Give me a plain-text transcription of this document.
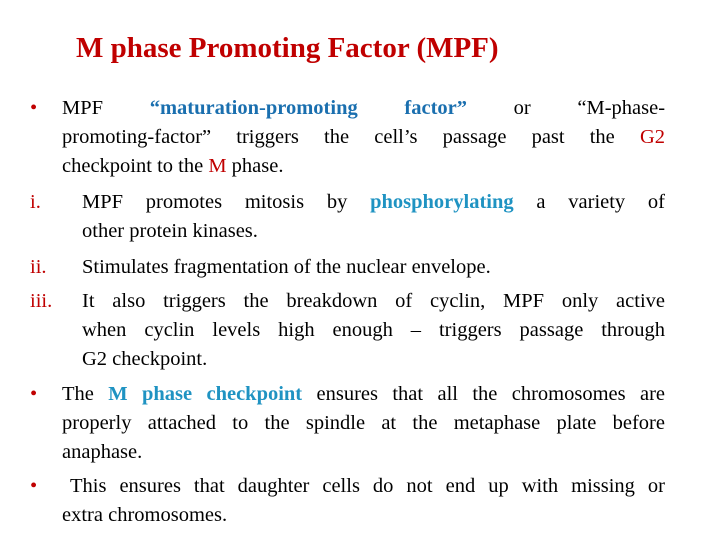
M phase Promoting Factor (MPF)
• MPF “maturation-promoting factor” or “M-phase-
promoting-factor” triggers the cell’s passage past the G2
checkpoint to the M phase.
i. MPF promotes mitosis by phosphorylating a variety of
other protein kinases.
ii. Stimulates fragmentation of the nuclear envelope.
iii. It also triggers the breakdown of cyclin, MPF only active
when cyclin levels high enough – triggers passage through
G2 checkpoint.
• The M phase checkpoint ensures that all the chromosomes are
properly attached to the spindle at the metaphase plate before
anaphase.
• This ensures that daughter cells do not end up with missing or
extra chromosomes.
